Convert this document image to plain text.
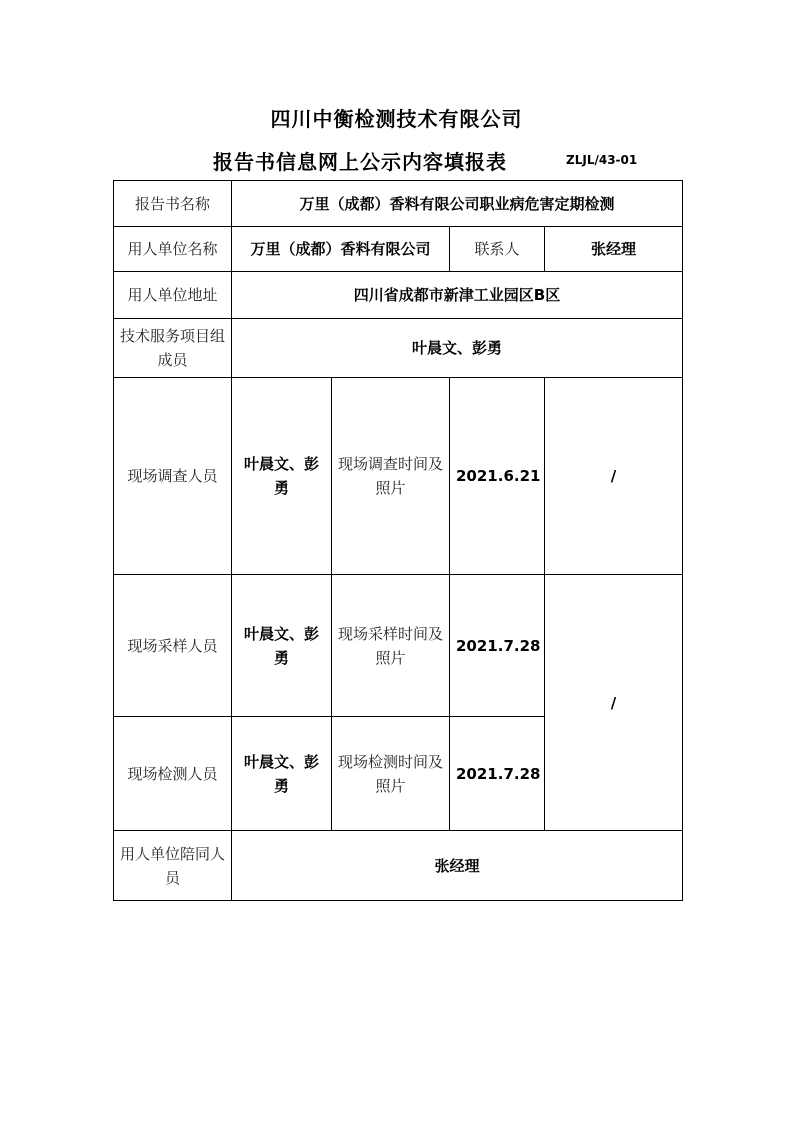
四川中衡检测技术有限公司
报告书信息网上公示内容填报表	ZLJL/43-01
报告书名称	万里（成都）香料有限公司职业病危害定期检测			
用人单位名称	万里（成都）香料有限公司		联系人	张经理
用人单位地址	四川省成都市新津工业园区B区			
技术服务项目组成员	叶晨文、彭勇			
现场调查人员	叶晨文、彭勇	现场调查时间及照片	2021.6.21	/
现场采样人员	叶晨文、彭勇	现场采样时间及照片	2021.7.28	/
现场检测人员	叶晨文、彭勇	现场检测时间及照片	2021.7.28	
用人单位陪同人员	张经理			
